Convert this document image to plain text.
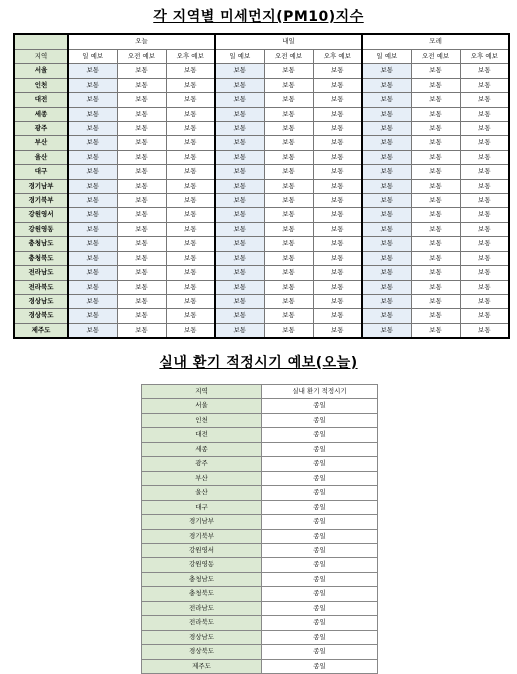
각 지역별 미세먼지(PM10)지수
	오늘			내일			모레		
지역	일 예보	오전 예보	오후 예보	일 예보	오전 예보	오후 예보	일 예보	오전 예보	오후 예보
서울	보통	보통	보통	보통	보통	보통	보통	보통	보통
인천	보통	보통	보통	보통	보통	보통	보통	보통	보통
대전	보통	보통	보통	보통	보통	보통	보통	보통	보통
세종	보통	보통	보통	보통	보통	보통	보통	보통	보통
광주	보통	보통	보통	보통	보통	보통	보통	보통	보통
부산	보통	보통	보통	보통	보통	보통	보통	보통	보통
울산	보통	보통	보통	보통	보통	보통	보통	보통	보통
대구	보통	보통	보통	보통	보통	보통	보통	보통	보통
경기남부	보통	보통	보통	보통	보통	보통	보통	보통	보통
경기북부	보통	보통	보통	보통	보통	보통	보통	보통	보통
강원영서	보통	보통	보통	보통	보통	보통	보통	보통	보통
강원영동	보통	보통	보통	보통	보통	보통	보통	보통	보통
충청남도	보통	보통	보통	보통	보통	보통	보통	보통	보통
충청북도	보통	보통	보통	보통	보통	보통	보통	보통	보통
전라남도	보통	보통	보통	보통	보통	보통	보통	보통	보통
전라북도	보통	보통	보통	보통	보통	보통	보통	보통	보통
경상남도	보통	보통	보통	보통	보통	보통	보통	보통	보통
경상북도	보통	보통	보통	보통	보통	보통	보통	보통	보통
제주도	보통	보통	보통	보통	보통	보통	보통	보통	보통
실내 환기 적정시기 예보(오늘)
지역	실내 환기 적정시기
서울	종일
인천	종일
대전	종일
세종	종일
광주	종일
부산	종일
울산	종일
대구	종일
경기남부	종일
경기북부	종일
강원영서	종일
강원영동	종일
충청남도	종일
충청북도	종일
전라남도	종일
전라북도	종일
경상남도	종일
경상북도	종일
제주도	종일
